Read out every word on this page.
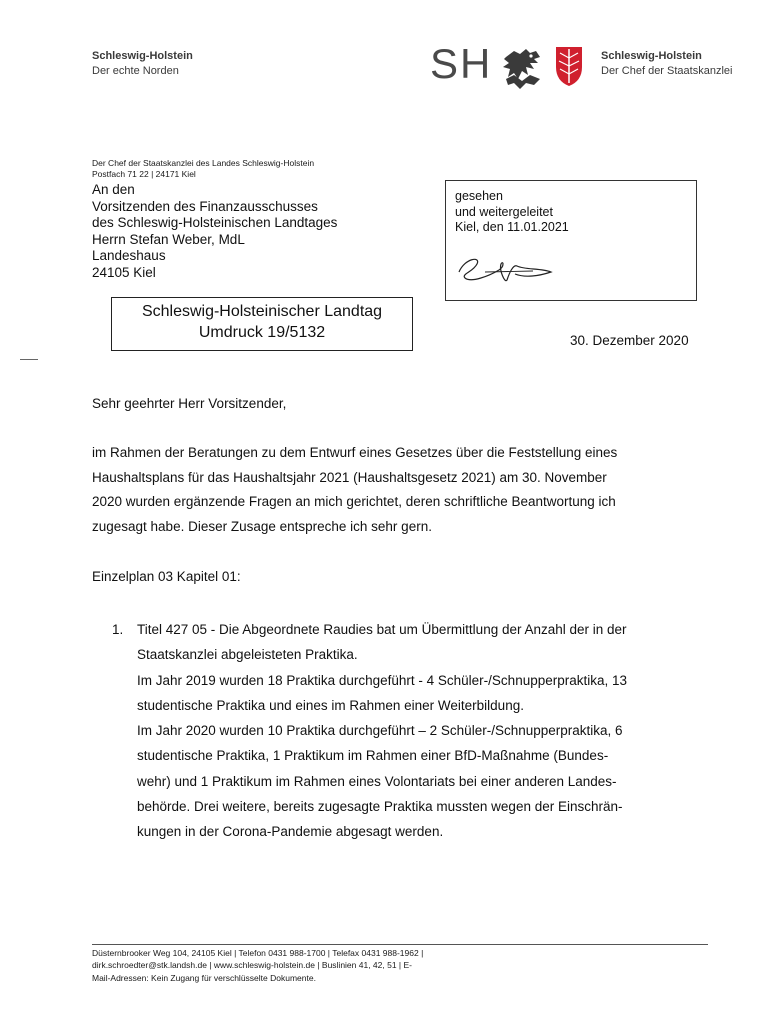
Schleswig-Holstein
Der echte Norden	SH	Schleswig-Holstein
Der Chef der Staatskanzlei
Der Chef der Staatskanzlei des Landes Schleswig-Holstein
Postfach 71 22 | 24171 Kiel
An den
Vorsitzenden des Finanzausschusses
des Schleswig-Holsteinischen Landtages
Herrn Stefan Weber, MdL
Landeshaus
24105 Kiel
gesehen
und weitergeleitet
Kiel, den 11.01.2021
Schleswig-Holsteinischer Landtag
Umdruck 19/5132	30. Dezember 2020
Sehr geehrter Herr Vorsitzender,
im Rahmen der Beratungen zu dem Entwurf eines Gesetzes über die Feststellung eines
Haushaltsplans für das Haushaltsjahr 2021 (Haushaltsgesetz 2021) am 30. November
2020 wurden ergänzende Fragen an mich gerichtet, deren schriftliche Beantwortung ich
zugesagt habe. Dieser Zusage entspreche ich sehr gern.
Einzelplan 03 Kapitel 01:
1. Titel 427 05 - Die Abgeordnete Raudies bat um Übermittlung der Anzahl der in der
Staatskanzlei abgeleisteten Praktika.
Im Jahr 2019 wurden 18 Praktika durchgeführt - 4 Schüler-/Schnupperpraktika, 13
studentische Praktika und eines im Rahmen einer Weiterbildung.
Im Jahr 2020 wurden 10 Praktika durchgeführt – 2 Schüler-/Schnupperpraktika, 6
studentische Praktika, 1 Praktikum im Rahmen einer BfD-Maßnahme (Bundes-
wehr) und 1 Praktikum im Rahmen eines Volontariats bei einer anderen Landes-
behörde. Drei weitere, bereits zugesagte Praktika mussten wegen der Einschrän-
kungen in der Corona-Pandemie abgesagt werden.
Düsternbrooker Weg 104, 24105 Kiel | Telefon 0431 988-1700 | Telefax 0431 988-1962 |
dirk.schroedter@stk.landsh.de | www.schleswig-holstein.de | Buslinien 41, 42, 51 | E-
Mail-Adressen: Kein Zugang für verschlüsselte Dokumente.
